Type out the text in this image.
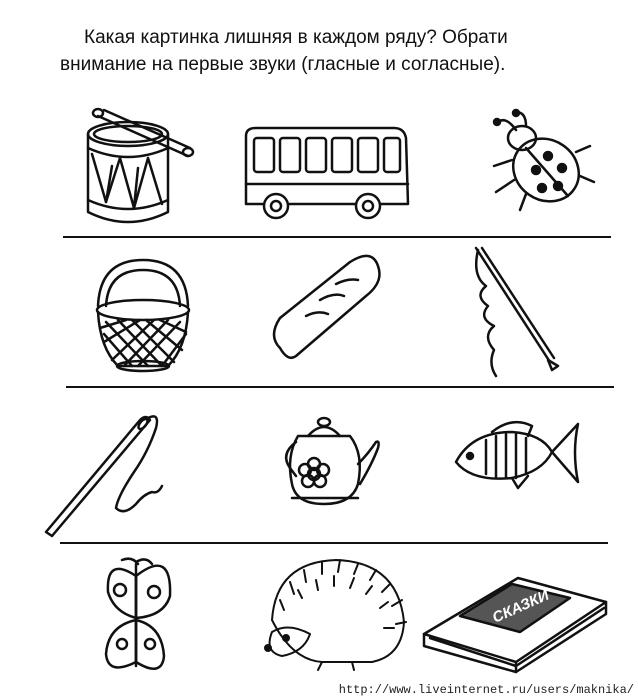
Какая картинка лишняя в каждом ряду? Обрати
внимание на первые звуки (гласные и согласные).
СКАЗКИ
http://www.liveinternet.ru/users/maknika/
